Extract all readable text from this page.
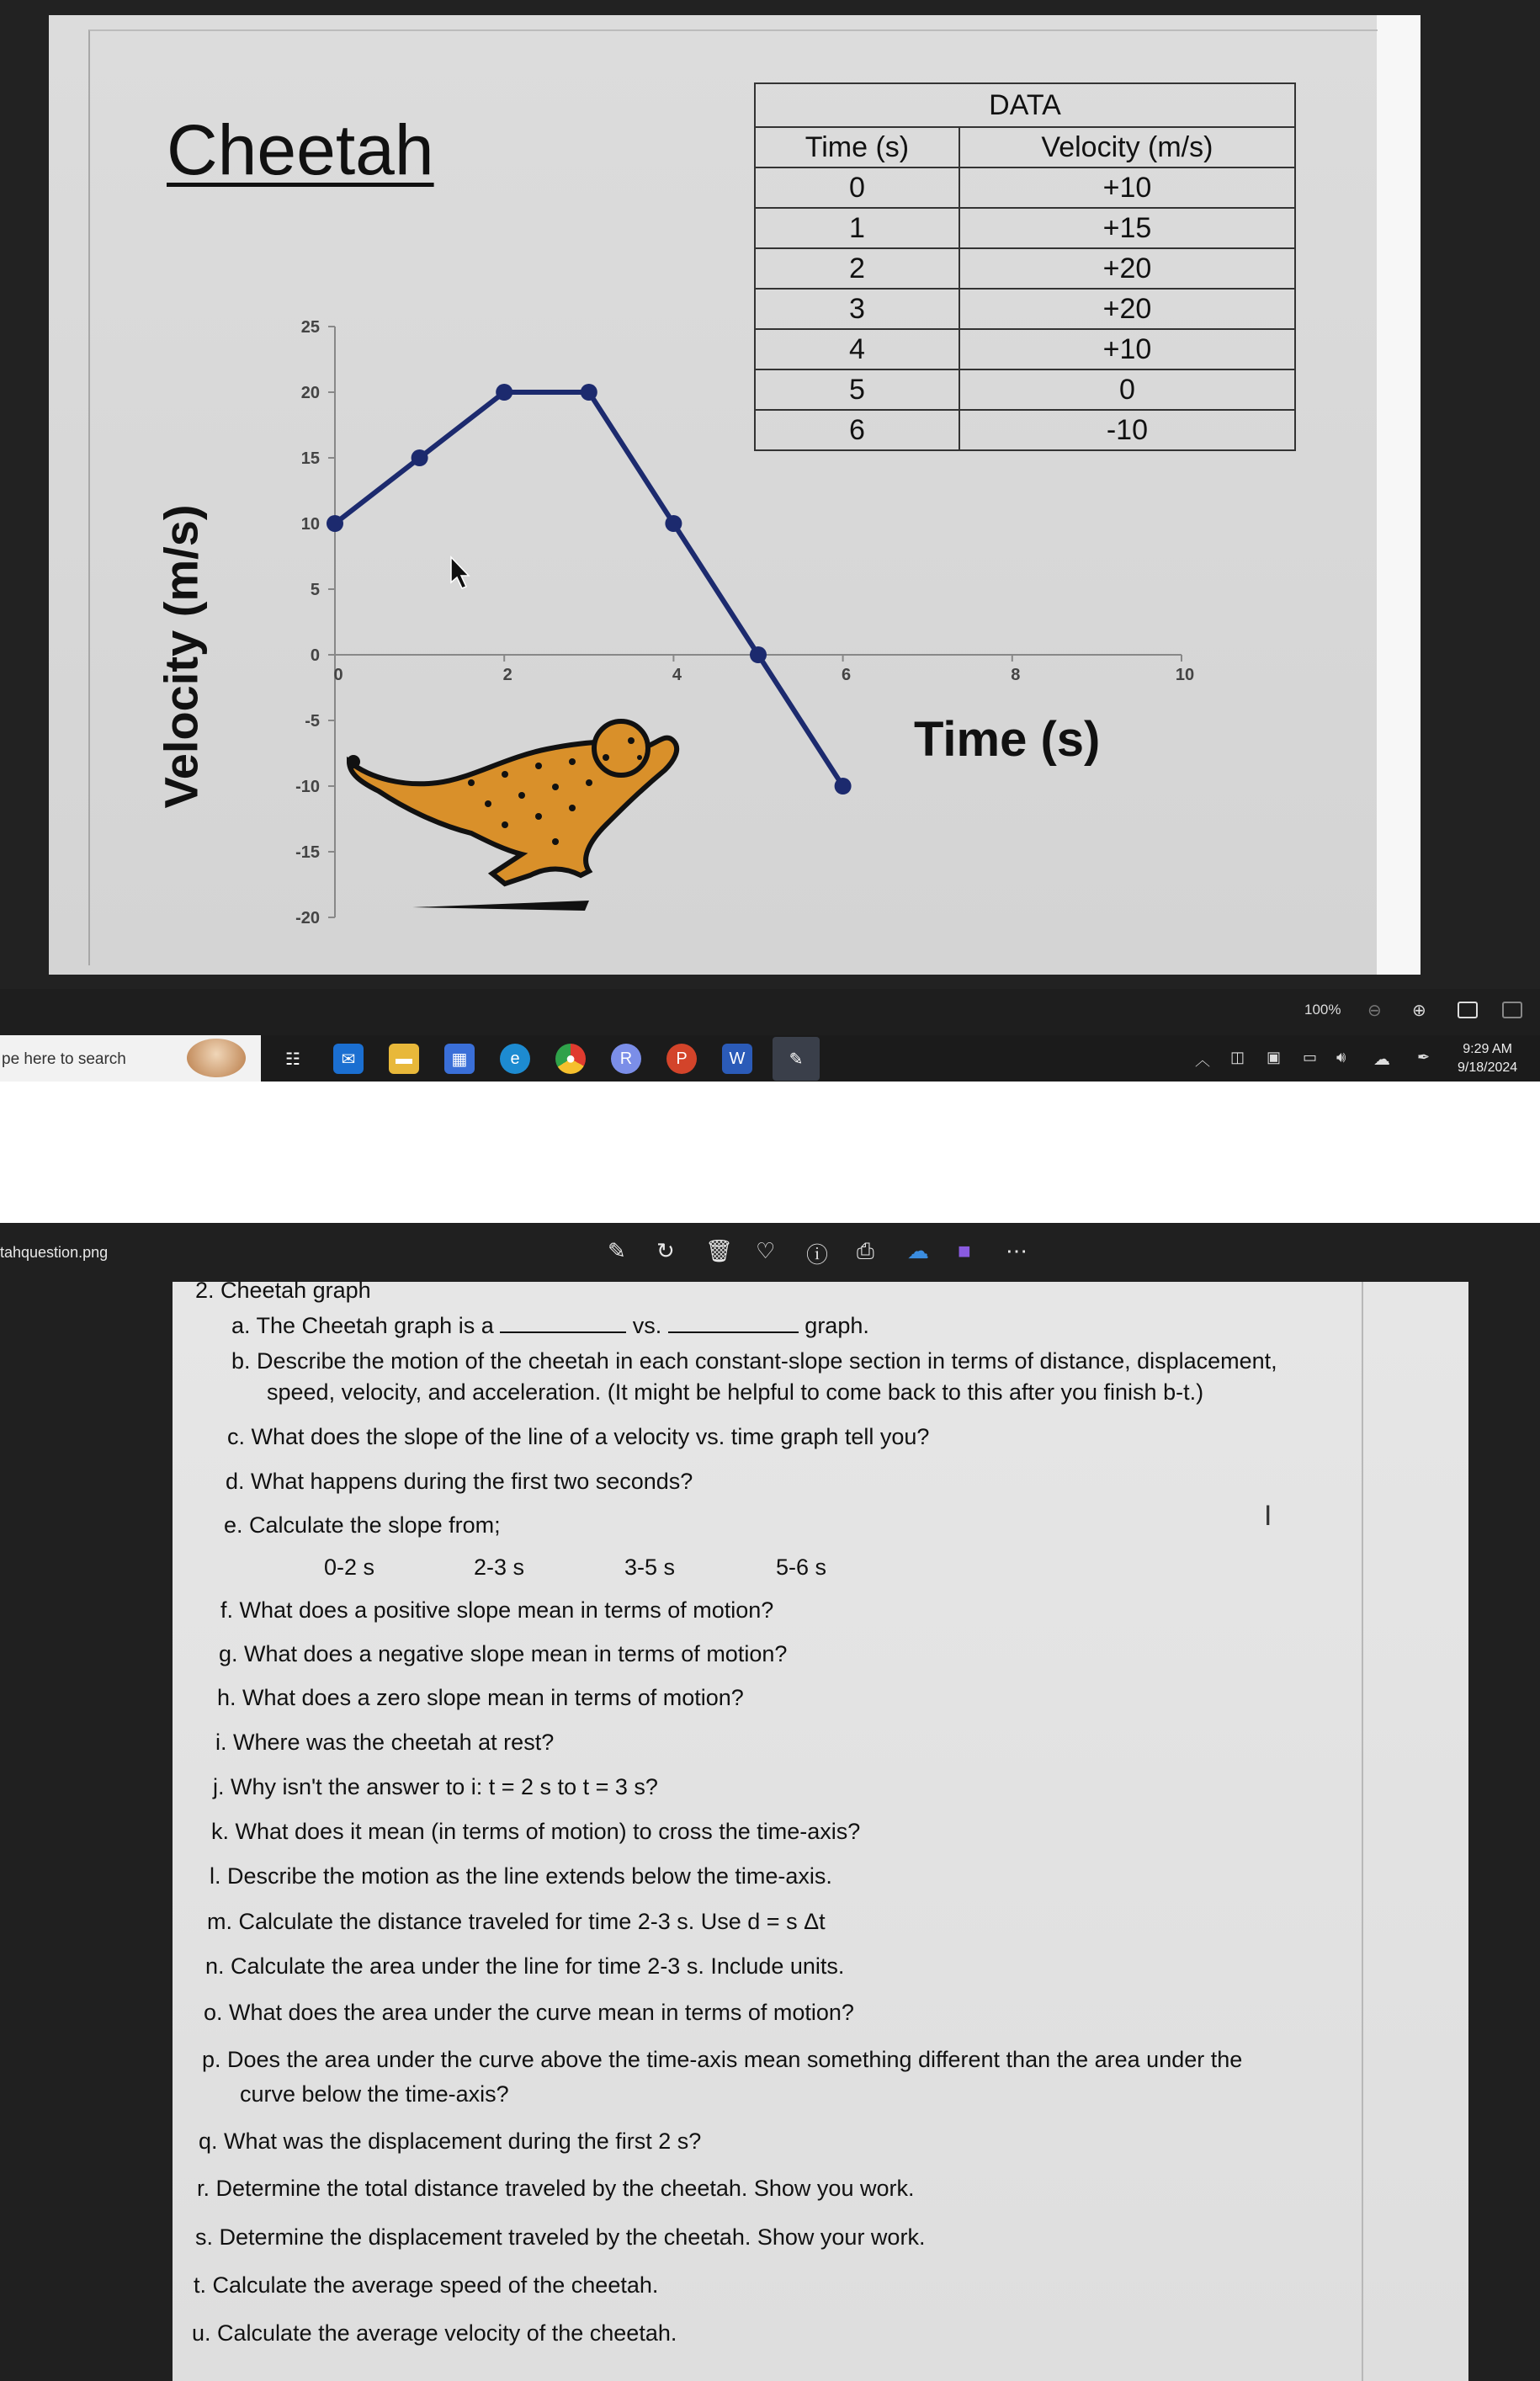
Cheetah
Velocity (m/s)	Time (s)
DATA	
Time (s)	Velocity (m/s)
0	+10
1	+15
2	+20
3	+20
4	+10
5	0
6	-10
25
20
15
10
5
0
-5
-10
-15
-20
0	2	4	6	8	10
100% ⊖ ⊕
pe here to search	☷	✉	▬	▦	e	●	R	P	W	✎	︿ ◫ ▣ ▭ 🔊︎ ☁ ✒	9:29 AM
9/18/2024
tahquestion.png	✎ ↻ 🗑︎ ♡ ⓘ ⎙ ☁ ■ ⋯
2. Cheetah graph
a. The Cheetah graph is a	vs.	graph.
b. Describe the motion of the cheetah in each constant-slope section in terms of distance, displacement,
speed, velocity, and acceleration. (It might be helpful to come back to this after you finish b-t.)
c. What does the slope of the line of a velocity vs. time graph tell you?
d. What happens during the first two seconds?
e. Calculate the slope from;
0-2 s	2-3 s	3-5 s	5-6 s
f. What does a positive slope mean in terms of motion?
g. What does a negative slope mean in terms of motion?
h. What does a zero slope mean in terms of motion?
i. Where was the cheetah at rest?
j. Why isn't the answer to i: t = 2 s to t = 3 s?
k. What does it mean (in terms of motion) to cross the time-axis?
l. Describe the motion as the line extends below the time-axis.
m. Calculate the distance traveled for time 2-3 s. Use d = s Δt
n. Calculate the area under the line for time 2-3 s. Include units.
o. What does the area under the curve mean in terms of motion?
p. Does the area under the curve above the time-axis mean something different than the area under the
curve below the time-axis?
q. What was the displacement during the first 2 s?
r. Determine the total distance traveled by the cheetah. Show you work.
s. Determine the displacement traveled by the cheetah. Show your work.
t. Calculate the average speed of the cheetah.
u. Calculate the average velocity of the cheetah.
I
